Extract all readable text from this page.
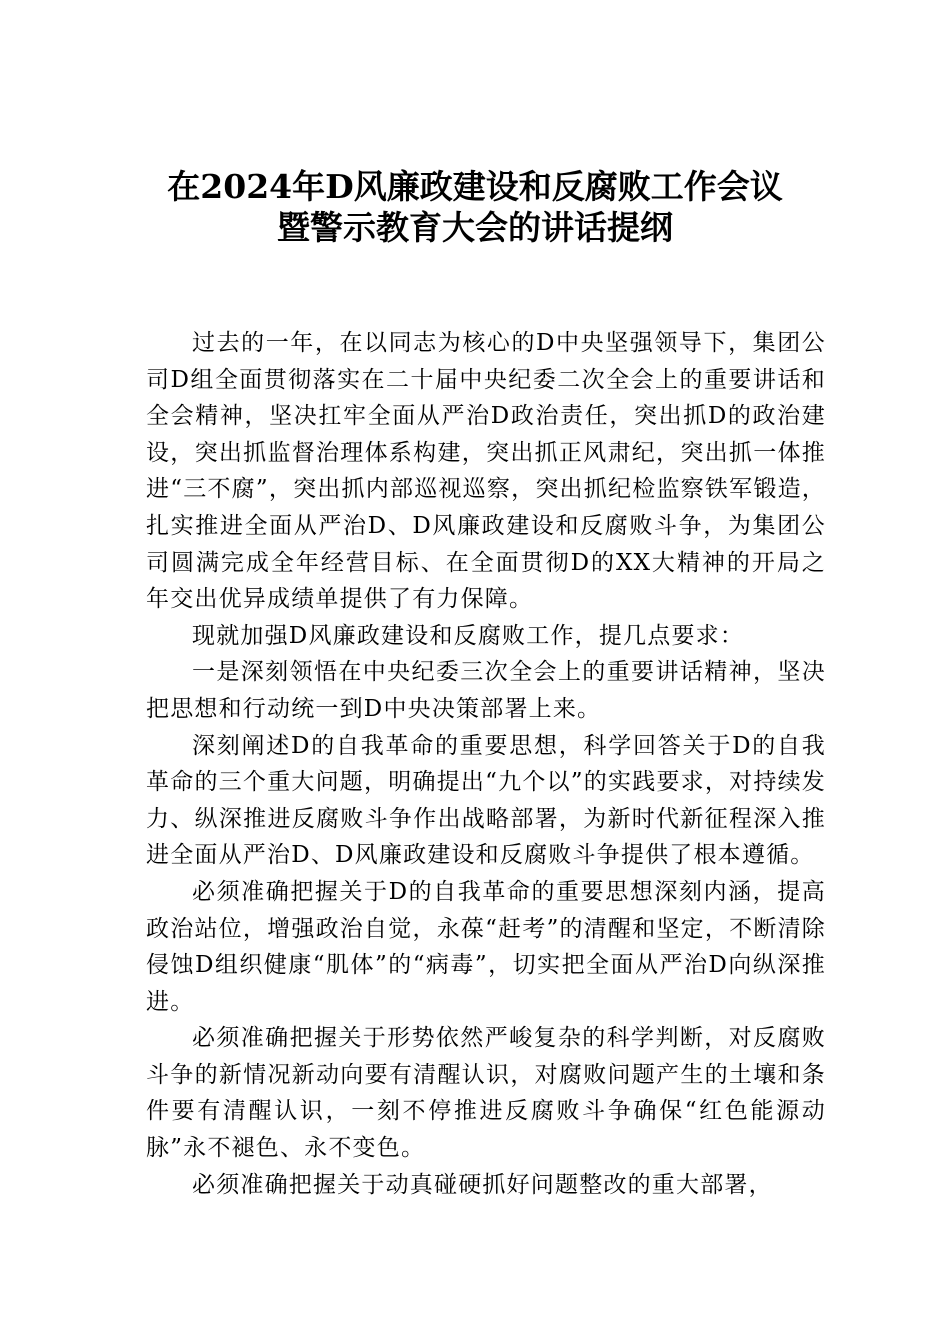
在2024年D风廉政建设和反腐败工作会议
暨警示教育大会的讲话提纲

过去的一年，在以同志为核心的D中央坚强领导下，集团公司D组全面贯彻落实在二十届中央纪委二次全会上的重要讲话和全会精神，坚决扛牢全面从严治D政治责任，突出抓D的政治建设，突出抓监督治理体系构建，突出抓正风肃纪，突出抓一体推进“三不腐”，突出抓内部巡视巡察，突出抓纪检监察铁军锻造，扎实推进全面从严治D、D风廉政建设和反腐败斗争，为集团公司圆满完成全年经营目标、在全面贯彻D的XX大精神的开局之年交出优异成绩单提供了有力保障。

现就加强D风廉政建设和反腐败工作，提几点要求：

一是深刻领悟在中央纪委三次全会上的重要讲话精神，坚决把思想和行动统一到D中央决策部署上来。

深刻阐述D的自我革命的重要思想，科学回答关于D的自我革命的三个重大问题，明确提出“九个以”的实践要求，对持续发力、纵深推进反腐败斗争作出战略部署，为新时代新征程深入推进全面从严治D、D风廉政建设和反腐败斗争提供了根本遵循。

必须准确把握关于D的自我革命的重要思想深刻内涵，提高政治站位，增强政治自觉，永葆“赶考”的清醒和坚定，不断清除侵蚀D组织健康“肌体”的“病毒”，切实把全面从严治D向纵深推进。

必须准确把握关于形势依然严峻复杂的科学判断，对反腐败斗争的新情况新动向要有清醒认识，对腐败问题产生的土壤和条件要有清醒认识，一刻不停推进反腐败斗争确保“红色能源动脉”永不褪色、永不变色。

必须准确把握关于动真碰硬抓好问题整改的重大部署，
